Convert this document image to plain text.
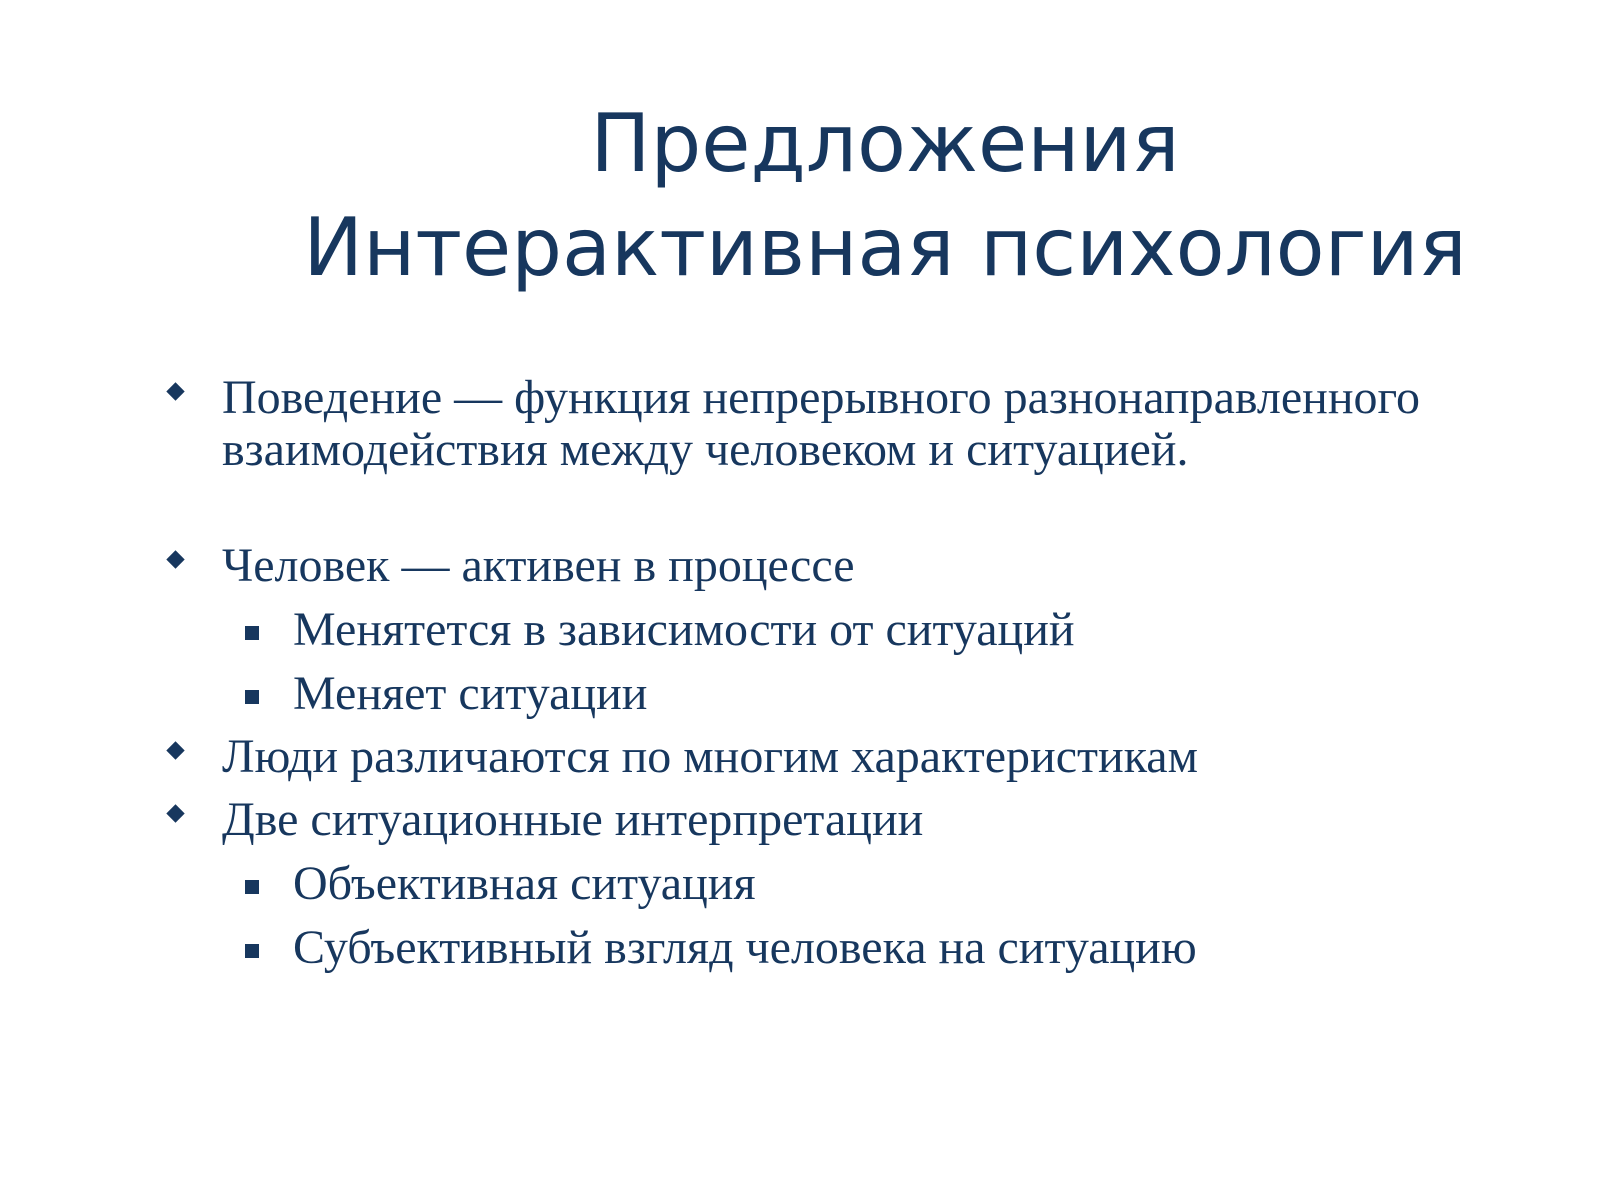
Предложения
Интерактивная психология
Поведение — функция непрерывного разнонаправленного взаимодействия между человеком и ситуацией.
Человек — активен в процессе
Менятется в зависимости от ситуаций
Меняет ситуации
Люди различаются по многим характеристикам
Две ситуационные интерпретации
Объективная ситуация
Субъективный взгляд человека на ситуацию
